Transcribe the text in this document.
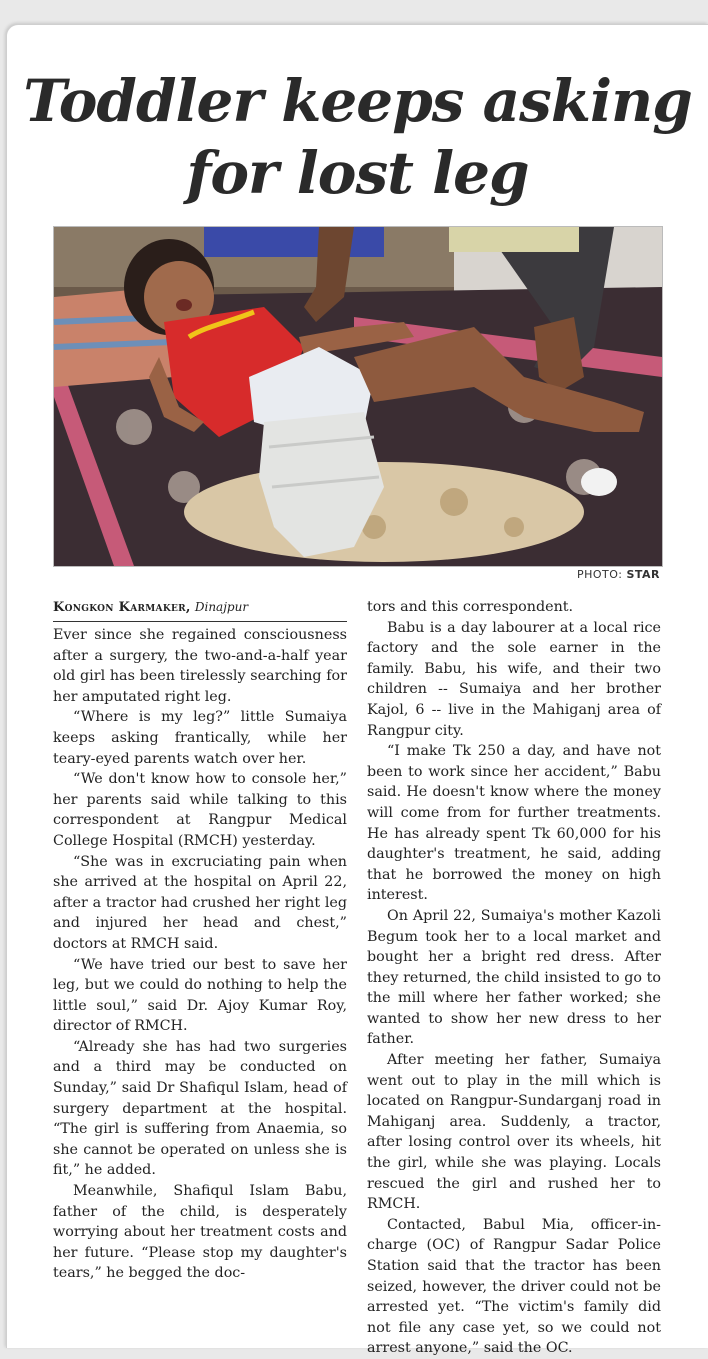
Toddler keeps asking for lost leg
PHOTO: STAR
Kongkon Karmaker, Dinajpur

Ever since she regained consciousness after a surgery, the two-and-a-half year old girl has been tirelessly searching for her amputated right leg.

“Where is my leg?” little Sumaiya keeps asking frantically, while her teary-eyed parents watch over her.

“We don't know how to console her,” her parents said while talking to this correspondent at Rangpur Medical College Hospital (RMCH) yesterday.

“She was in excruciating pain when she arrived at the hospital on April 22, after a tractor had crushed her right leg and injured her head and chest,” doctors at RMCH said.

“We have tried our best to save her leg, but we could do nothing to help the little soul,” said Dr. Ajoy Kumar Roy, director of RMCH.

“Already she has had two surgeries and a third may be conducted on Sunday,” said Dr Shafiqul Islam, head of surgery department at the hospital. “The girl is suffering from Anaemia, so she cannot be operated on unless she is fit,” he added.

Meanwhile, Shafiqul Islam Babu, father of the child, is desperately worrying about her treatment costs and her future. “Please stop my daughter's tears,” he begged the doc-

tors and this correspondent.

Babu is a day labourer at a local rice factory and the sole earner in the family. Babu, his wife, and their two children -- Sumaiya and her brother Kajol, 6 -- live in the Mahiganj area of Rangpur city.

“I make Tk 250 a day, and have not been to work since her accident,” Babu said. He doesn't know where the money will come from for further treatments. He has already spent Tk 60,000 for his daughter's treatment, he said, adding that he borrowed the money on high interest.

On April 22, Sumaiya's mother Kazoli Begum took her to a local market and bought her a bright red dress. After they returned, the child insisted to go to the mill where her father worked; she wanted to show her new dress to her father.

After meeting her father, Sumaiya went out to play in the mill which is located on Rangpur-Sundarganj road in Mahiganj area. Suddenly, a tractor, after losing control over its wheels, hit the girl, while she was playing. Locals rescued the girl and rushed her to RMCH.

Contacted, Babul Mia, officer-in-charge (OC) of Rangpur Sadar Police Station said that the tractor has been seized, however, the driver could not be arrested yet. “The victim's family did not file any case yet, so we could not arrest anyone,” said the OC.
